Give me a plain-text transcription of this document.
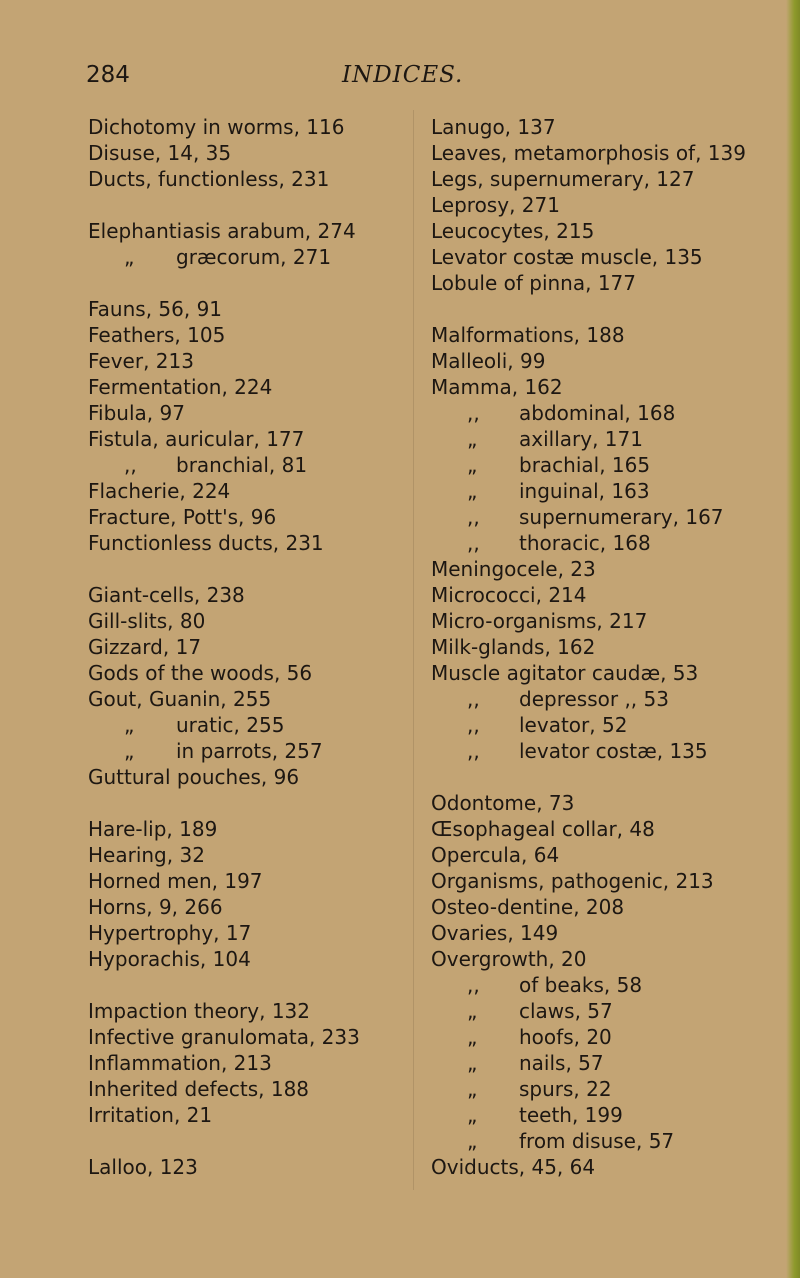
284	INDICES.
Dichotomy in worms, 116
Disuse, 14, 35
Ducts, functionless, 231
Elephantiasis arabum, 274
„ græcorum, 271
Fauns, 56, 91
Feathers, 105
Fever, 213
Fermentation, 224
Fibula, 97
Fistula, auricular, 177
,, branchial, 81
Flacherie, 224
Fracture, Pott's, 96
Functionless ducts, 231
Giant-cells, 238
Gill-slits, 80
Gizzard, 17
Gods of the woods, 56
Gout, Guanin, 255
„ uratic, 255
„ in parrots, 257
Guttural pouches, 96
Hare-lip, 189
Hearing, 32
Horned men, 197
Horns, 9, 266
Hypertrophy, 17
Hyporachis, 104
Impaction theory, 132
Infective granulomata, 233
Inflammation, 213
Inherited defects, 188
Irritation, 21
Lalloo, 123
Lanugo, 137
Leaves, metamorphosis of, 139
Legs, supernumerary, 127
Leprosy, 271
Leucocytes, 215
Levator costæ muscle, 135
Lobule of pinna, 177
Malformations, 188
Malleoli, 99
Mamma, 162
,, abdominal, 168
„ axillary, 171
„ brachial, 165
„ inguinal, 163
,, supernumerary, 167
,, thoracic, 168
Meningocele, 23
Micrococci, 214
Micro-organisms, 217
Milk-glands, 162
Muscle agitator caudæ, 53
,, depressor ,, 53
,, levator, 52
,, levator costæ, 135
Odontome, 73
Œsophageal collar, 48
Opercula, 64
Organisms, pathogenic, 213
Osteo-dentine, 208
Ovaries, 149
Overgrowth, 20
,, of beaks, 58
„ claws, 57
„ hoofs, 20
„ nails, 57
„ spurs, 22
„ teeth, 199
„ from disuse, 57
Oviducts, 45, 64
